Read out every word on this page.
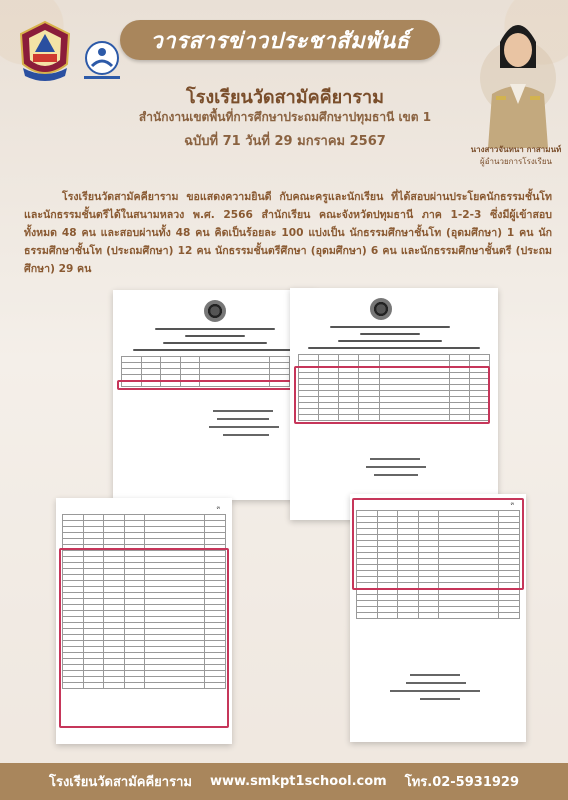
วารสารข่าวประชาสัมพันธ์
โรงเรียนวัดสามัคคียาราม
สำนักงานเขตพื้นที่การศึกษาประถมศึกษาปทุมธานี เขต 1
ฉบับที่ 71 วันที่ 29 มกราคม 2567
นางสาวจันทนา กาสามนท์
ผู้อำนวยการโรงเรียน
โรงเรียนวัดสามัคคียาราม ขอแสดงความยินดี กับคณะครูและนักเรียน ที่ได้สอบผ่านประโยคนักธรรมชั้นโท และนักธรรมชั้นตรีได้ในสนามหลวง พ.ศ. 2566 สำนักเรียน คณะจังหวัดปทุมธานี ภาค 1-2-3 ซึ่งมีผู้เข้าสอบ ทั้งหมด 48 คน และสอบผ่านทั้ง 48 คน คิดเป็นร้อยละ 100 แบ่งเป็น นักธรรมศึกษาชั้นโท (อุดมศึกษา) 1 คน นักธรรมศึกษาชั้นโท (ประถมศึกษา) 12 คน นักธรรมชั้นตรีศึกษา (อุดมศึกษา) 6 คน และนักธรรมศึกษาชั้นตรี (ประถมศึกษา) 29 คน

๓

๓

โรงเรียนวัดสามัคคียาราม www.smkpt1school.com โทร.02-5931929
